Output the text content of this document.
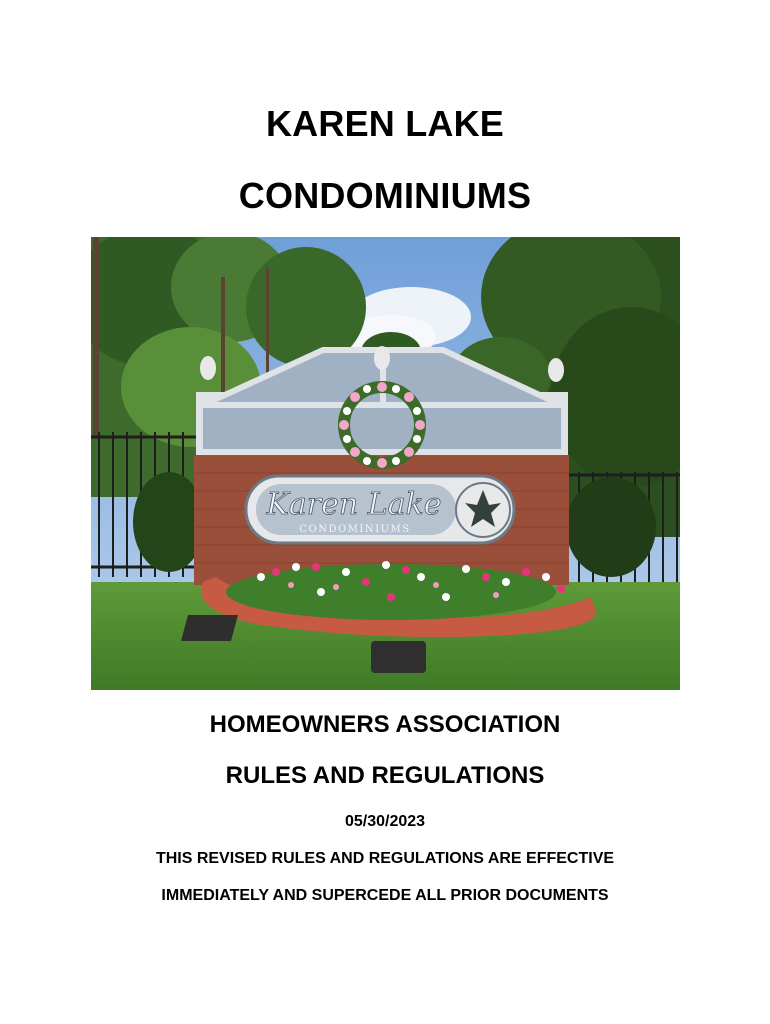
KAREN LAKE
CONDOMINIUMS
Karen Lake
CONDOMINIUMS
HOMEOWNERS ASSOCIATION
RULES AND REGULATIONS
05/30/2023
THIS REVISED RULES AND REGULATIONS ARE EFFECTIVE
IMMEDIATELY AND SUPERCEDE ALL PRIOR DOCUMENTS
